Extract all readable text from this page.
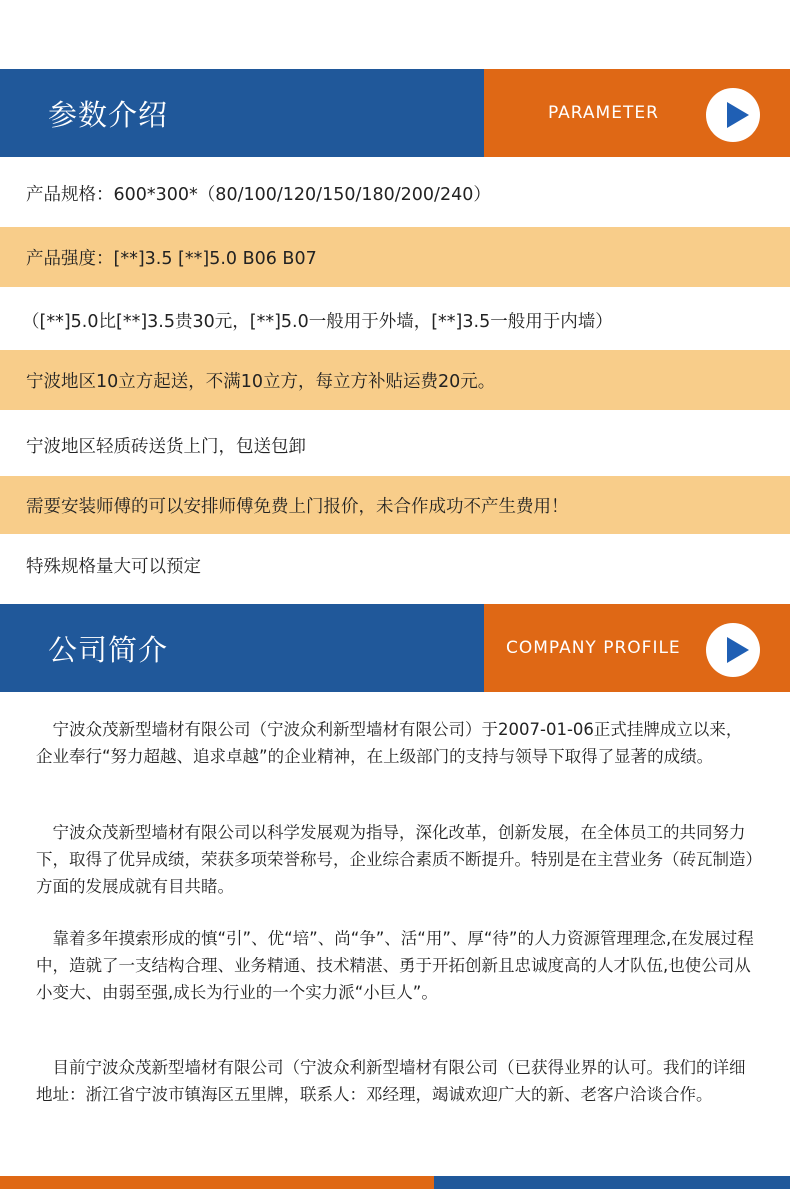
参数介绍	PARAMETER
产品规格：600*300*（80/100/120/150/180/200/240）
产品强度：[**]3.5 [**]5.0 B06 B07
（[**]5.0比[**]3.5贵30元，[**]5.0一般用于外墙，[**]3.5一般用于内墙）
宁波地区10立方起送，不满10立方，每立方补贴运费20元。
宁波地区轻质砖送货上门，包送包卸
需要安装师傅的可以安排师傅免费上门报价，未合作成功不产生费用！
特殊规格量大可以预定
公司简介	COMPANY PROFILE
　宁波众茂新型墙材有限公司（宁波众利新型墙材有限公司）于2007-01-06正式挂牌成立以来，企业奉行“努力超越、追求卓越”的企业精神，在上级部门的支持与领导下取得了显著的成绩。
　宁波众茂新型墙材有限公司以科学发展观为指导，深化改革，创新发展，在全体员工的共同努力下，取得了优异成绩，荣获多项荣誉称号，企业综合素质不断提升。特别是在主营业务（砖瓦制造）方面的发展成就有目共睹。
　靠着多年摸索形成的慎“引”、优“培”、尚“争”、活“用”、厚“待”的人力资源管理理念,在发展过程中，造就了一支结构合理、业务精通、技术精湛、勇于开拓创新且忠诚度高的人才队伍,也使公司从小变大、由弱至强,成长为行业的一个实力派“小巨人”。
　目前宁波众茂新型墙材有限公司（宁波众利新型墙材有限公司（已获得业界的认可。我们的详细地址：浙江省宁波市镇海区五里牌，联系人：邓经理，竭诚欢迎广大的新、老客户洽谈合作。
